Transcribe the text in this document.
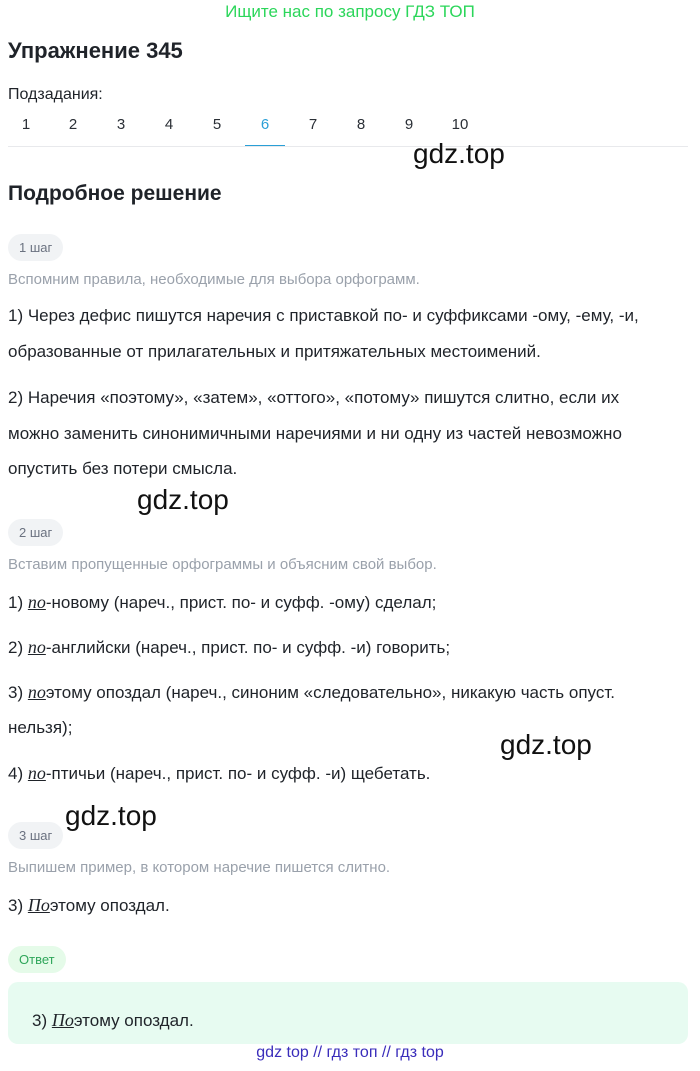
Ищите нас по запросу ГДЗ ТОП
Упражнение 345
Подзадания:
1	2	3	4	5	6	7	8	9	10
gdz.top
Подробное решение
1 шаг
Вспомним правила, необходимые для выбора орфограмм.
1) Через дефис пишутся наречия с приставкой по- и суффиксами -ому, -ему, -и,
образованные от прилагательных и притяжательных местоимений.
2) Наречия «поэтому», «затем», «оттого», «потому» пишутся слитно, если их
можно заменить синонимичными наречиями и ни одну из частей невозможно
опустить без потери смысла.
gdz.top
2 шаг
Вставим пропущенные орфограммы и объясним свой выбор.
1) по-новому (нареч., прист. по- и суфф. -ому) сделал;
2) по-английски (нареч., прист. по- и суфф. -и) говорить;
3) поэтому опоздал (нареч., синоним «следовательно», никакую часть опуст.
нельзя);
gdz.top
4) по-птичьи (нареч., прист. по- и суфф. -и) щебетать.
gdz.top
3 шаг
Выпишем пример, в котором наречие пишется слитно.
3) Поэтому опоздал.
Ответ
3) Поэтому опоздал.
gdz top // гдз топ // гдз top
